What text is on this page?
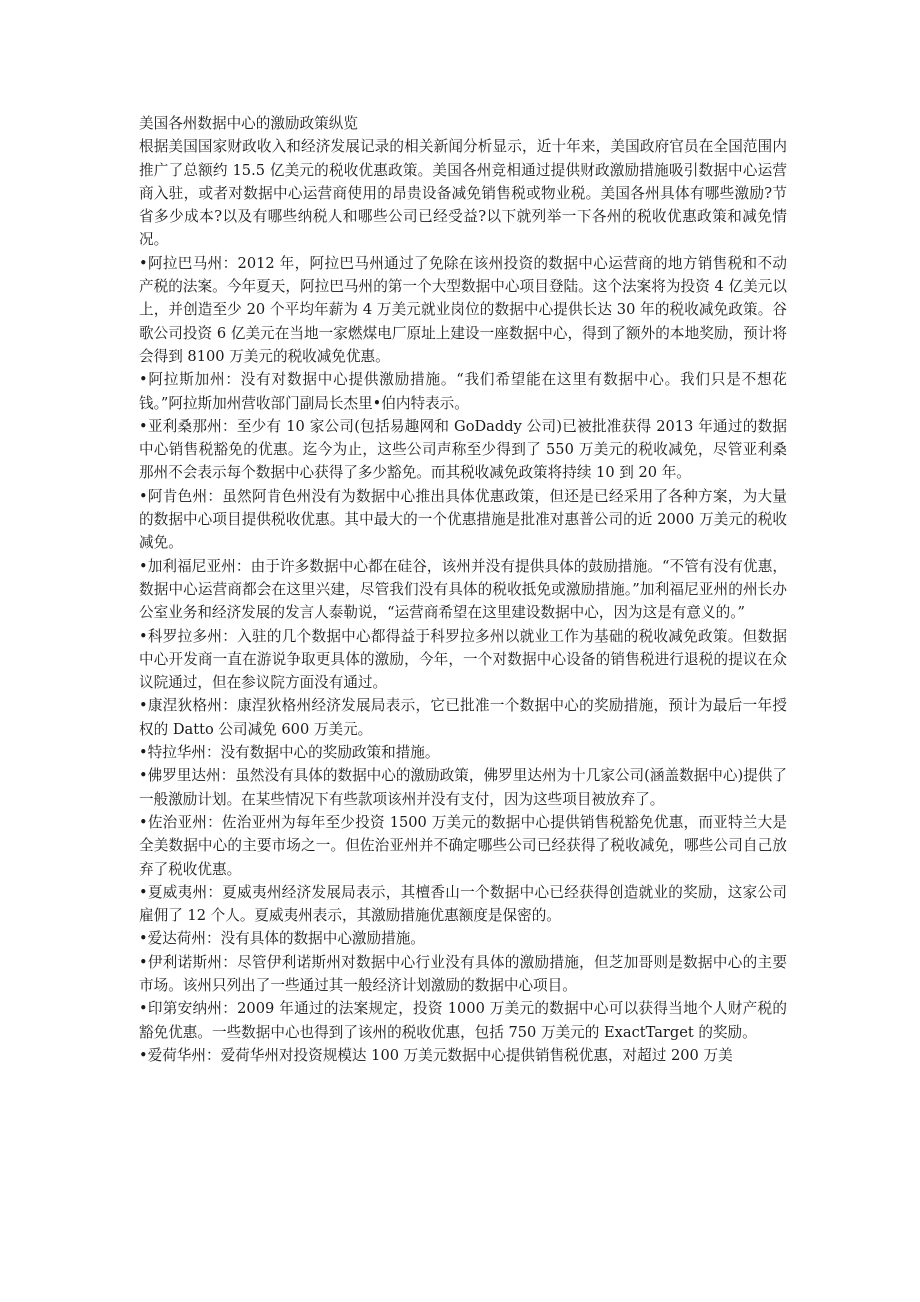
美国各州数据中心的激励政策纵览

根据美国国家财政收入和经济发展记录的相关新闻分析显示，近十年来，美国政府官员在全国范围内推广了总额约 15.5 亿美元的税收优惠政策。美国各州竞相通过提供财政激励措施吸引数据中心运营商入驻，或者对数据中心运营商使用的昂贵设备减免销售税或物业税。美国各州具体有哪些激励?节省多少成本?以及有哪些纳税人和哪些公司已经受益?以下就列举一下各州的税收优惠政策和减免情况。

•阿拉巴马州：2012 年，阿拉巴马州通过了免除在该州投资的数据中心运营商的地方销售税和不动产税的法案。今年夏天，阿拉巴马州的第一个大型数据中心项目登陆。这个法案将为投资 4 亿美元以上，并创造至少 20 个平均年薪为 4 万美元就业岗位的数据中心提供长达 30 年的税收减免政策。谷歌公司投资 6 亿美元在当地一家燃煤电厂原址上建设一座数据中心，得到了额外的本地奖励，预计将会得到 8100 万美元的税收减免优惠。

•阿拉斯加州：没有对数据中心提供激励措施。“我们希望能在这里有数据中心。我们只是不想花钱。”阿拉斯加州营收部门副局长杰里•伯内特表示。

•亚利桑那州：至少有 10 家公司(包括易趣网和 GoDaddy 公司)已被批准获得 2013 年通过的数据中心销售税豁免的优惠。迄今为止，这些公司声称至少得到了 550 万美元的税收减免，尽管亚利桑那州不会表示每个数据中心获得了多少豁免。而其税收减免政策将持续 10 到 20 年。

•阿肯色州：虽然阿肯色州没有为数据中心推出具体优惠政策，但还是已经采用了各种方案，为大量的数据中心项目提供税收优惠。其中最大的一个优惠措施是批准对惠普公司的近 2000 万美元的税收减免。

•加利福尼亚州：由于许多数据中心都在硅谷，该州并没有提供具体的鼓励措施。“不管有没有优惠，数据中心运营商都会在这里兴建，尽管我们没有具体的税收抵免或激励措施。”加利福尼亚州的州长办公室业务和经济发展的发言人泰勒说，“运营商希望在这里建设数据中心，因为这是有意义的。”

•科罗拉多州：入驻的几个数据中心都得益于科罗拉多州以就业工作为基础的税收减免政策。但数据中心开发商一直在游说争取更具体的激励，今年，一个对数据中心设备的销售税进行退税的提议在众议院通过，但在参议院方面没有通过。

•康涅狄格州：康涅狄格州经济发展局表示，它已批准一个数据中心的奖励措施，预计为最后一年授权的 Datto 公司减免 600 万美元。

•特拉华州：没有数据中心的奖励政策和措施。

•佛罗里达州：虽然没有具体的数据中心的激励政策，佛罗里达州为十几家公司(涵盖数据中心)提供了一般激励计划。在某些情况下有些款项该州并没有支付，因为这些项目被放弃了。

•佐治亚州：佐治亚州为每年至少投资 1500 万美元的数据中心提供销售税豁免优惠，而亚特兰大是全美数据中心的主要市场之一。但佐治亚州并不确定哪些公司已经获得了税收减免，哪些公司自己放弃了税收优惠。

•夏威夷州：夏威夷州经济发展局表示，其檀香山一个数据中心已经获得创造就业的奖励，这家公司雇佣了 12 个人。夏威夷州表示，其激励措施优惠额度是保密的。

•爱达荷州：没有具体的数据中心激励措施。

•伊利诺斯州：尽管伊利诺斯州对数据中心行业没有具体的激励措施，但芝加哥则是数据中心的主要市场。该州只列出了一些通过其一般经济计划激励的数据中心项目。

•印第安纳州：2009 年通过的法案规定，投资 1000 万美元的数据中心可以获得当地个人财产税的豁免优惠。一些数据中心也得到了该州的税收优惠，包括 750 万美元的 ExactTarget 的奖励。

•爱荷华州：爱荷华州对投资规模达 100 万美元数据中心提供销售税优惠，对超过 200 万美
